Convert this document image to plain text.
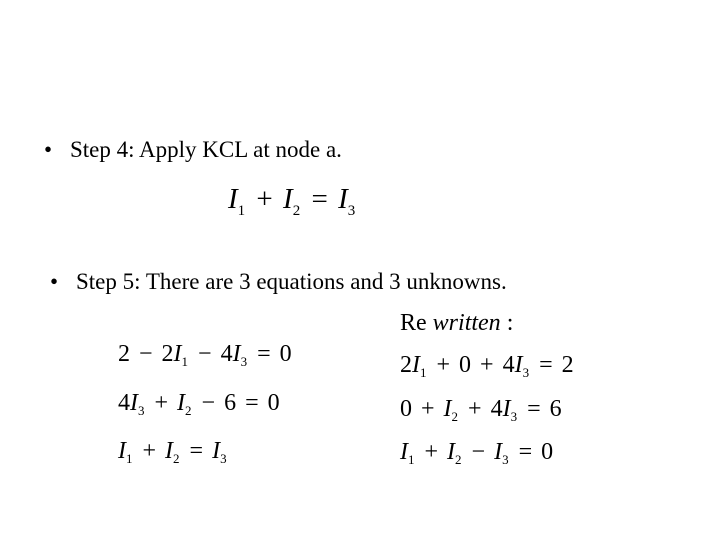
• Step 4: Apply KCL at node a.
$I_1 + I_2 = I_3$
• Step 5: There are 3 equations and 3 unknowns.
$2 - 2I_1 - 4I_3 = 0$
$4I_3 + I_2 - 6 = 0$
$I_1 + I_2 = I_3$
Re written :
$2I_1 + 0 + 4I_3 = 2$
$0 + I_2 + 4I_3 = 6$
$I_1 + I_2 - I_3 = 0$
